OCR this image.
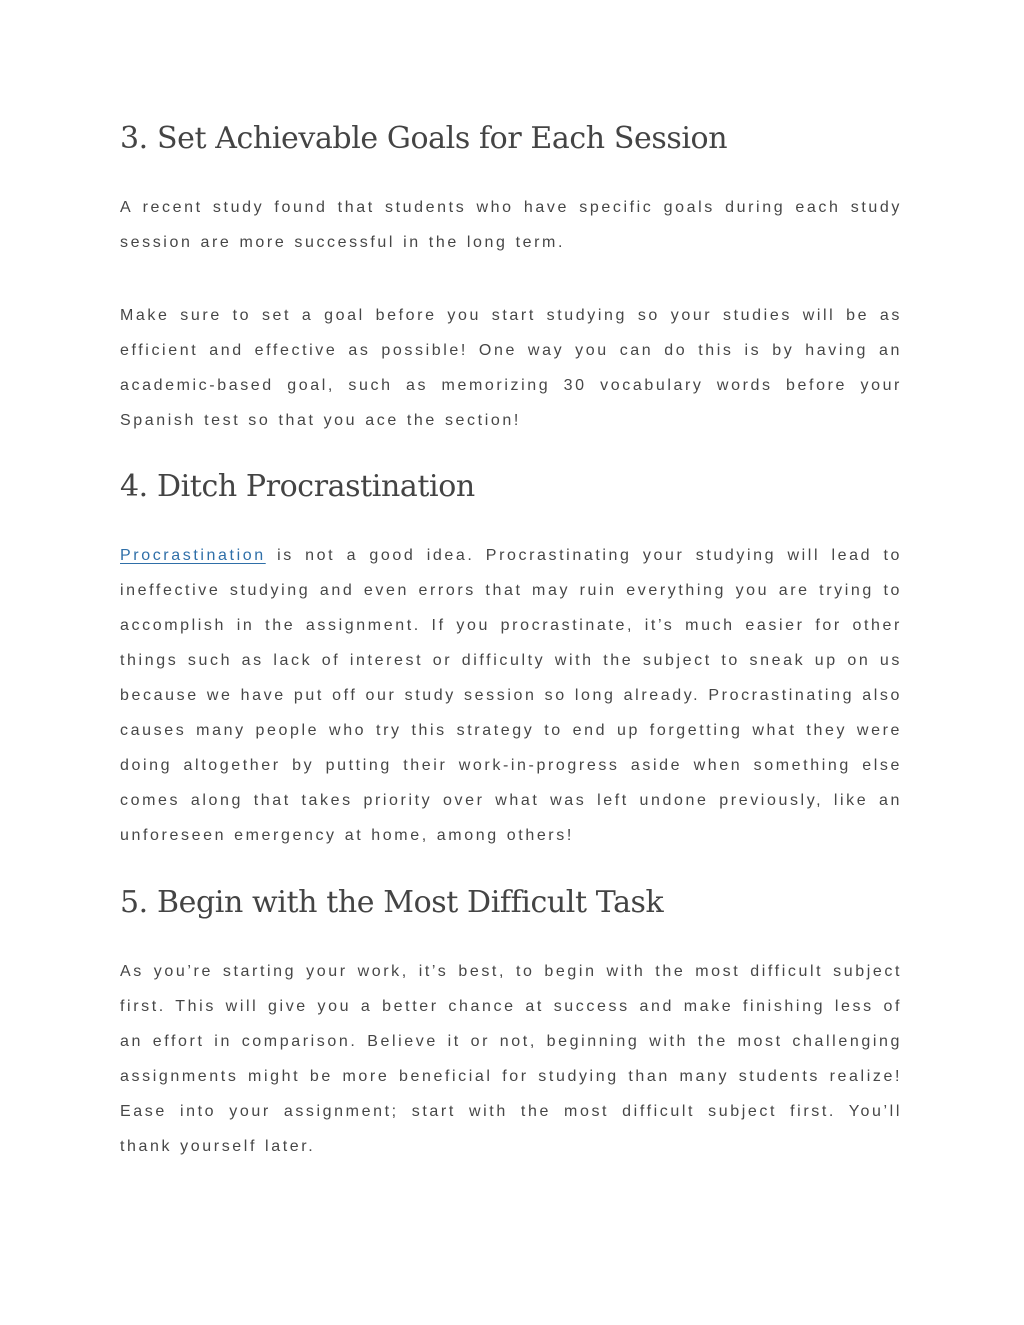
3. Set Achievable Goals for Each Session

A recent study found that students who have specific goals during each study session are more successful in the long term.

Make sure to set a goal before you start studying so your studies will be as efficient and effective as possible! One way you can do this is by having an academic-based goal, such as memorizing 30 vocabulary words before your Spanish test so that you ace the section!

4. Ditch Procrastination

Procrastination is not a good idea. Procrastinating your studying will lead to ineffective studying and even errors that may ruin everything you are trying to accomplish in the assignment. If you procrastinate, it’s much easier for other things such as lack of interest or difficulty with the subject to sneak up on us because we have put off our study session so long already. Procrastinating also causes many people who try this strategy to end up forgetting what they were doing altogether by putting their work-in-progress aside when something else comes along that takes priority over what was left undone previously, like an unforeseen emergency at home, among others!

5. Begin with the Most Difficult Task

As you’re starting your work, it’s best, to begin with the most difficult subject first. This will give you a better chance at success and make finishing less of an effort in comparison. Believe it or not, beginning with the most challenging assignments might be more beneficial for studying than many students realize! Ease into your assignment; start with the most difficult subject first. You’ll thank yourself later.
